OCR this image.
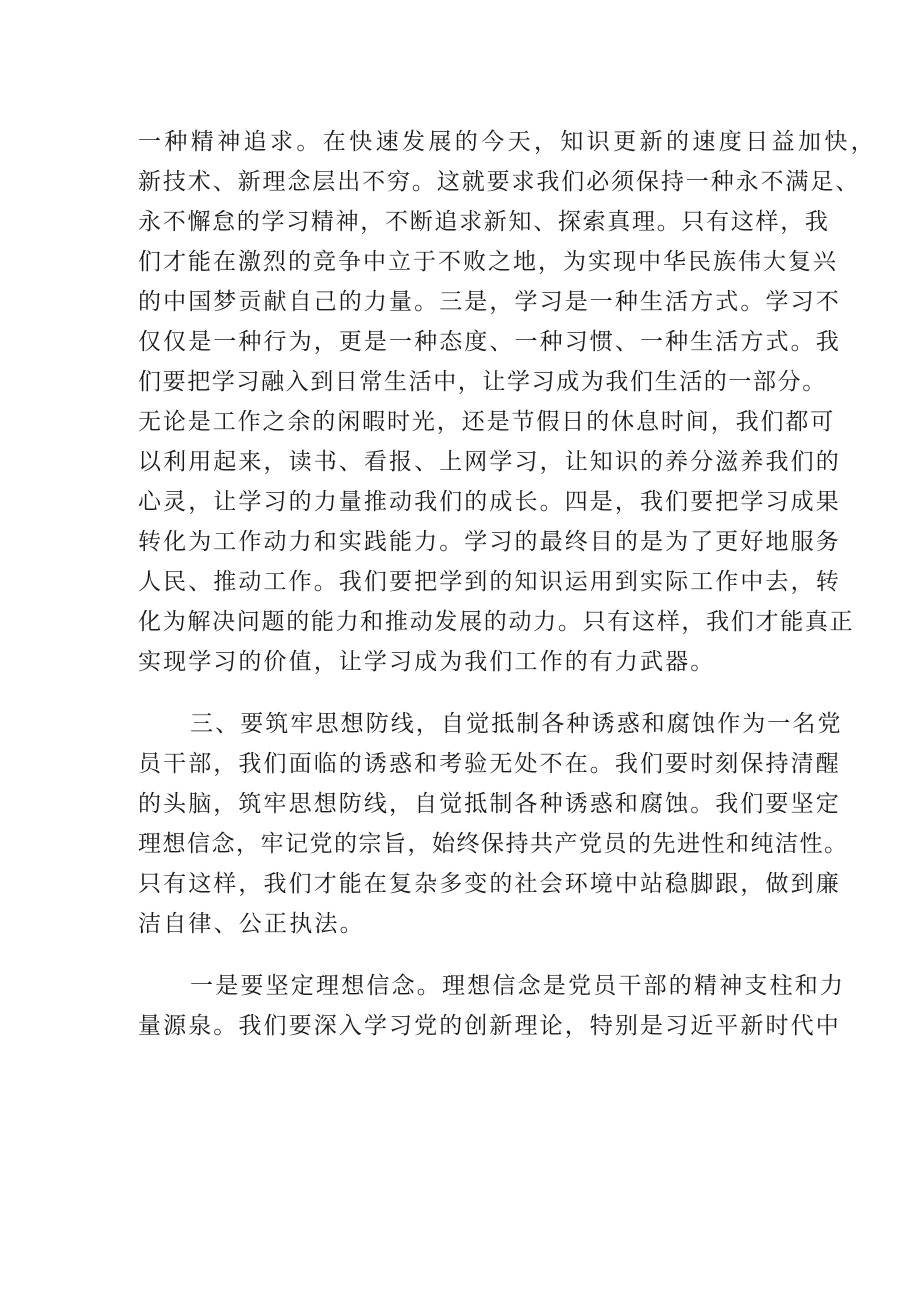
一种精神追求。在快速发展的今天，知识更新的速度日益加快，
新技术、新理念层出不穷。这就要求我们必须保持一种永不满足、
永不懈怠的学习精神，不断追求新知、探索真理。只有这样，我
们才能在激烈的竞争中立于不败之地，为实现中华民族伟大复兴
的中国梦贡献自己的力量。三是，学习是一种生活方式。学习不
仅仅是一种行为，更是一种态度、一种习惯、一种生活方式。我
们要把学习融入到日常生活中，让学习成为我们生活的一部分。
无论是工作之余的闲暇时光，还是节假日的休息时间，我们都可
以利用起来，读书、看报、上网学习，让知识的养分滋养我们的
心灵，让学习的力量推动我们的成长。四是，我们要把学习成果
转化为工作动力和实践能力。学习的最终目的是为了更好地服务
人民、推动工作。我们要把学到的知识运用到实际工作中去，转
化为解决问题的能力和推动发展的动力。只有这样，我们才能真正
实现学习的价值，让学习成为我们工作的有力武器。
三、要筑牢思想防线，自觉抵制各种诱惑和腐蚀作为一名党
员干部，我们面临的诱惑和考验无处不在。我们要时刻保持清醒
的头脑，筑牢思想防线，自觉抵制各种诱惑和腐蚀。我们要坚定
理想信念，牢记党的宗旨，始终保持共产党员的先进性和纯洁性。
只有这样，我们才能在复杂多变的社会环境中站稳脚跟，做到廉
洁自律、公正执法。
一是要坚定理想信念。理想信念是党员干部的精神支柱和力
量源泉。我们要深入学习党的创新理论，特别是习近平新时代中
